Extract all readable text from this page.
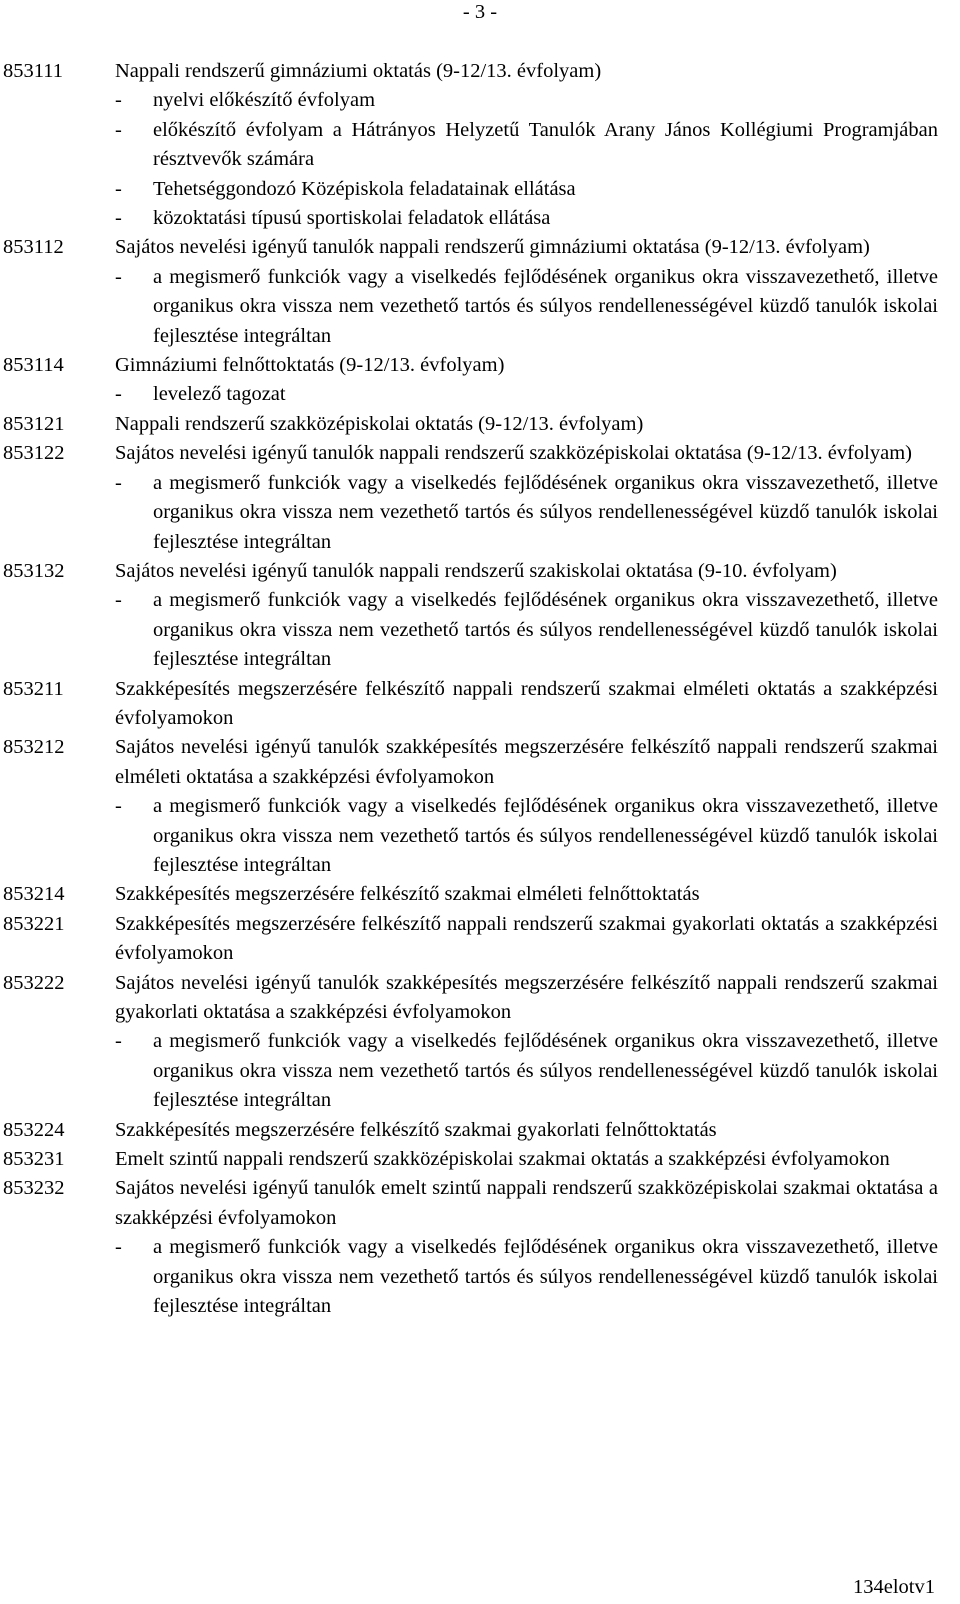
- 3 -
853111	Nappali rendszerű gimnáziumi oktatás (9-12/13. évfolyam)
-	nyelvi előkészítő évfolyam
-	előkészítő évfolyam a Hátrányos Helyzetű Tanulók Arany János Kollégiumi Programjában résztvevők számára
-	Tehetséggondozó Középiskola feladatainak ellátása
-	közoktatási típusú sportiskolai feladatok ellátása
853112	Sajátos nevelési igényű tanulók nappali rendszerű gimnáziumi oktatása (9-12/13. évfolyam)
-	a megismerő funkciók vagy a viselkedés fejlődésének organikus okra visszavezethető, illetve organikus okra vissza nem vezethető tartós és súlyos rendellenességével küzdő tanulók iskolai fejlesztése integráltan
853114	Gimnáziumi felnőttoktatás (9-12/13. évfolyam)
-	levelező tagozat
853121	Nappali rendszerű szakközépiskolai oktatás (9-12/13. évfolyam)
853122	Sajátos nevelési igényű tanulók nappali rendszerű szakközépiskolai oktatása (9-12/13. évfolyam)
-	a megismerő funkciók vagy a viselkedés fejlődésének organikus okra visszavezethető, illetve organikus okra vissza nem vezethető tartós és súlyos rendellenességével küzdő tanulók iskolai fejlesztése integráltan
853132	Sajátos nevelési igényű tanulók nappali rendszerű szakiskolai oktatása (9-10. évfolyam)
-	a megismerő funkciók vagy a viselkedés fejlődésének organikus okra visszavezethető, illetve organikus okra vissza nem vezethető tartós és súlyos rendellenességével küzdő tanulók iskolai fejlesztése integráltan
853211	Szakképesítés megszerzésére felkészítő nappali rendszerű szakmai elméleti oktatás a szakképzési évfolyamokon
853212	Sajátos nevelési igényű tanulók szakképesítés megszerzésére felkészítő nappali rendszerű szakmai elméleti oktatása a szakképzési évfolyamokon
-	a megismerő funkciók vagy a viselkedés fejlődésének organikus okra visszavezethető, illetve organikus okra vissza nem vezethető tartós és súlyos rendellenességével küzdő tanulók iskolai fejlesztése integráltan
853214	Szakképesítés megszerzésére felkészítő szakmai elméleti felnőttoktatás
853221	Szakképesítés megszerzésére felkészítő nappali rendszerű szakmai gyakorlati oktatás a szakképzési évfolyamokon
853222	Sajátos nevelési igényű tanulók szakképesítés megszerzésére felkészítő nappali rendszerű szakmai gyakorlati oktatása a szakképzési évfolyamokon
-	a megismerő funkciók vagy a viselkedés fejlődésének organikus okra visszavezethető, illetve organikus okra vissza nem vezethető tartós és súlyos rendellenességével küzdő tanulók iskolai fejlesztése integráltan
853224	Szakképesítés megszerzésére felkészítő szakmai gyakorlati felnőttoktatás
853231	Emelt szintű nappali rendszerű szakközépiskolai szakmai oktatás a szakképzési évfolyamokon
853232	Sajátos nevelési igényű tanulók emelt szintű nappali rendszerű szakközépiskolai szakmai oktatása a szakképzési évfolyamokon
-	a megismerő funkciók vagy a viselkedés fejlődésének organikus okra visszavezethető, illetve organikus okra vissza nem vezethető tartós és súlyos rendellenességével küzdő tanulók iskolai fejlesztése integráltan
134elotv1
